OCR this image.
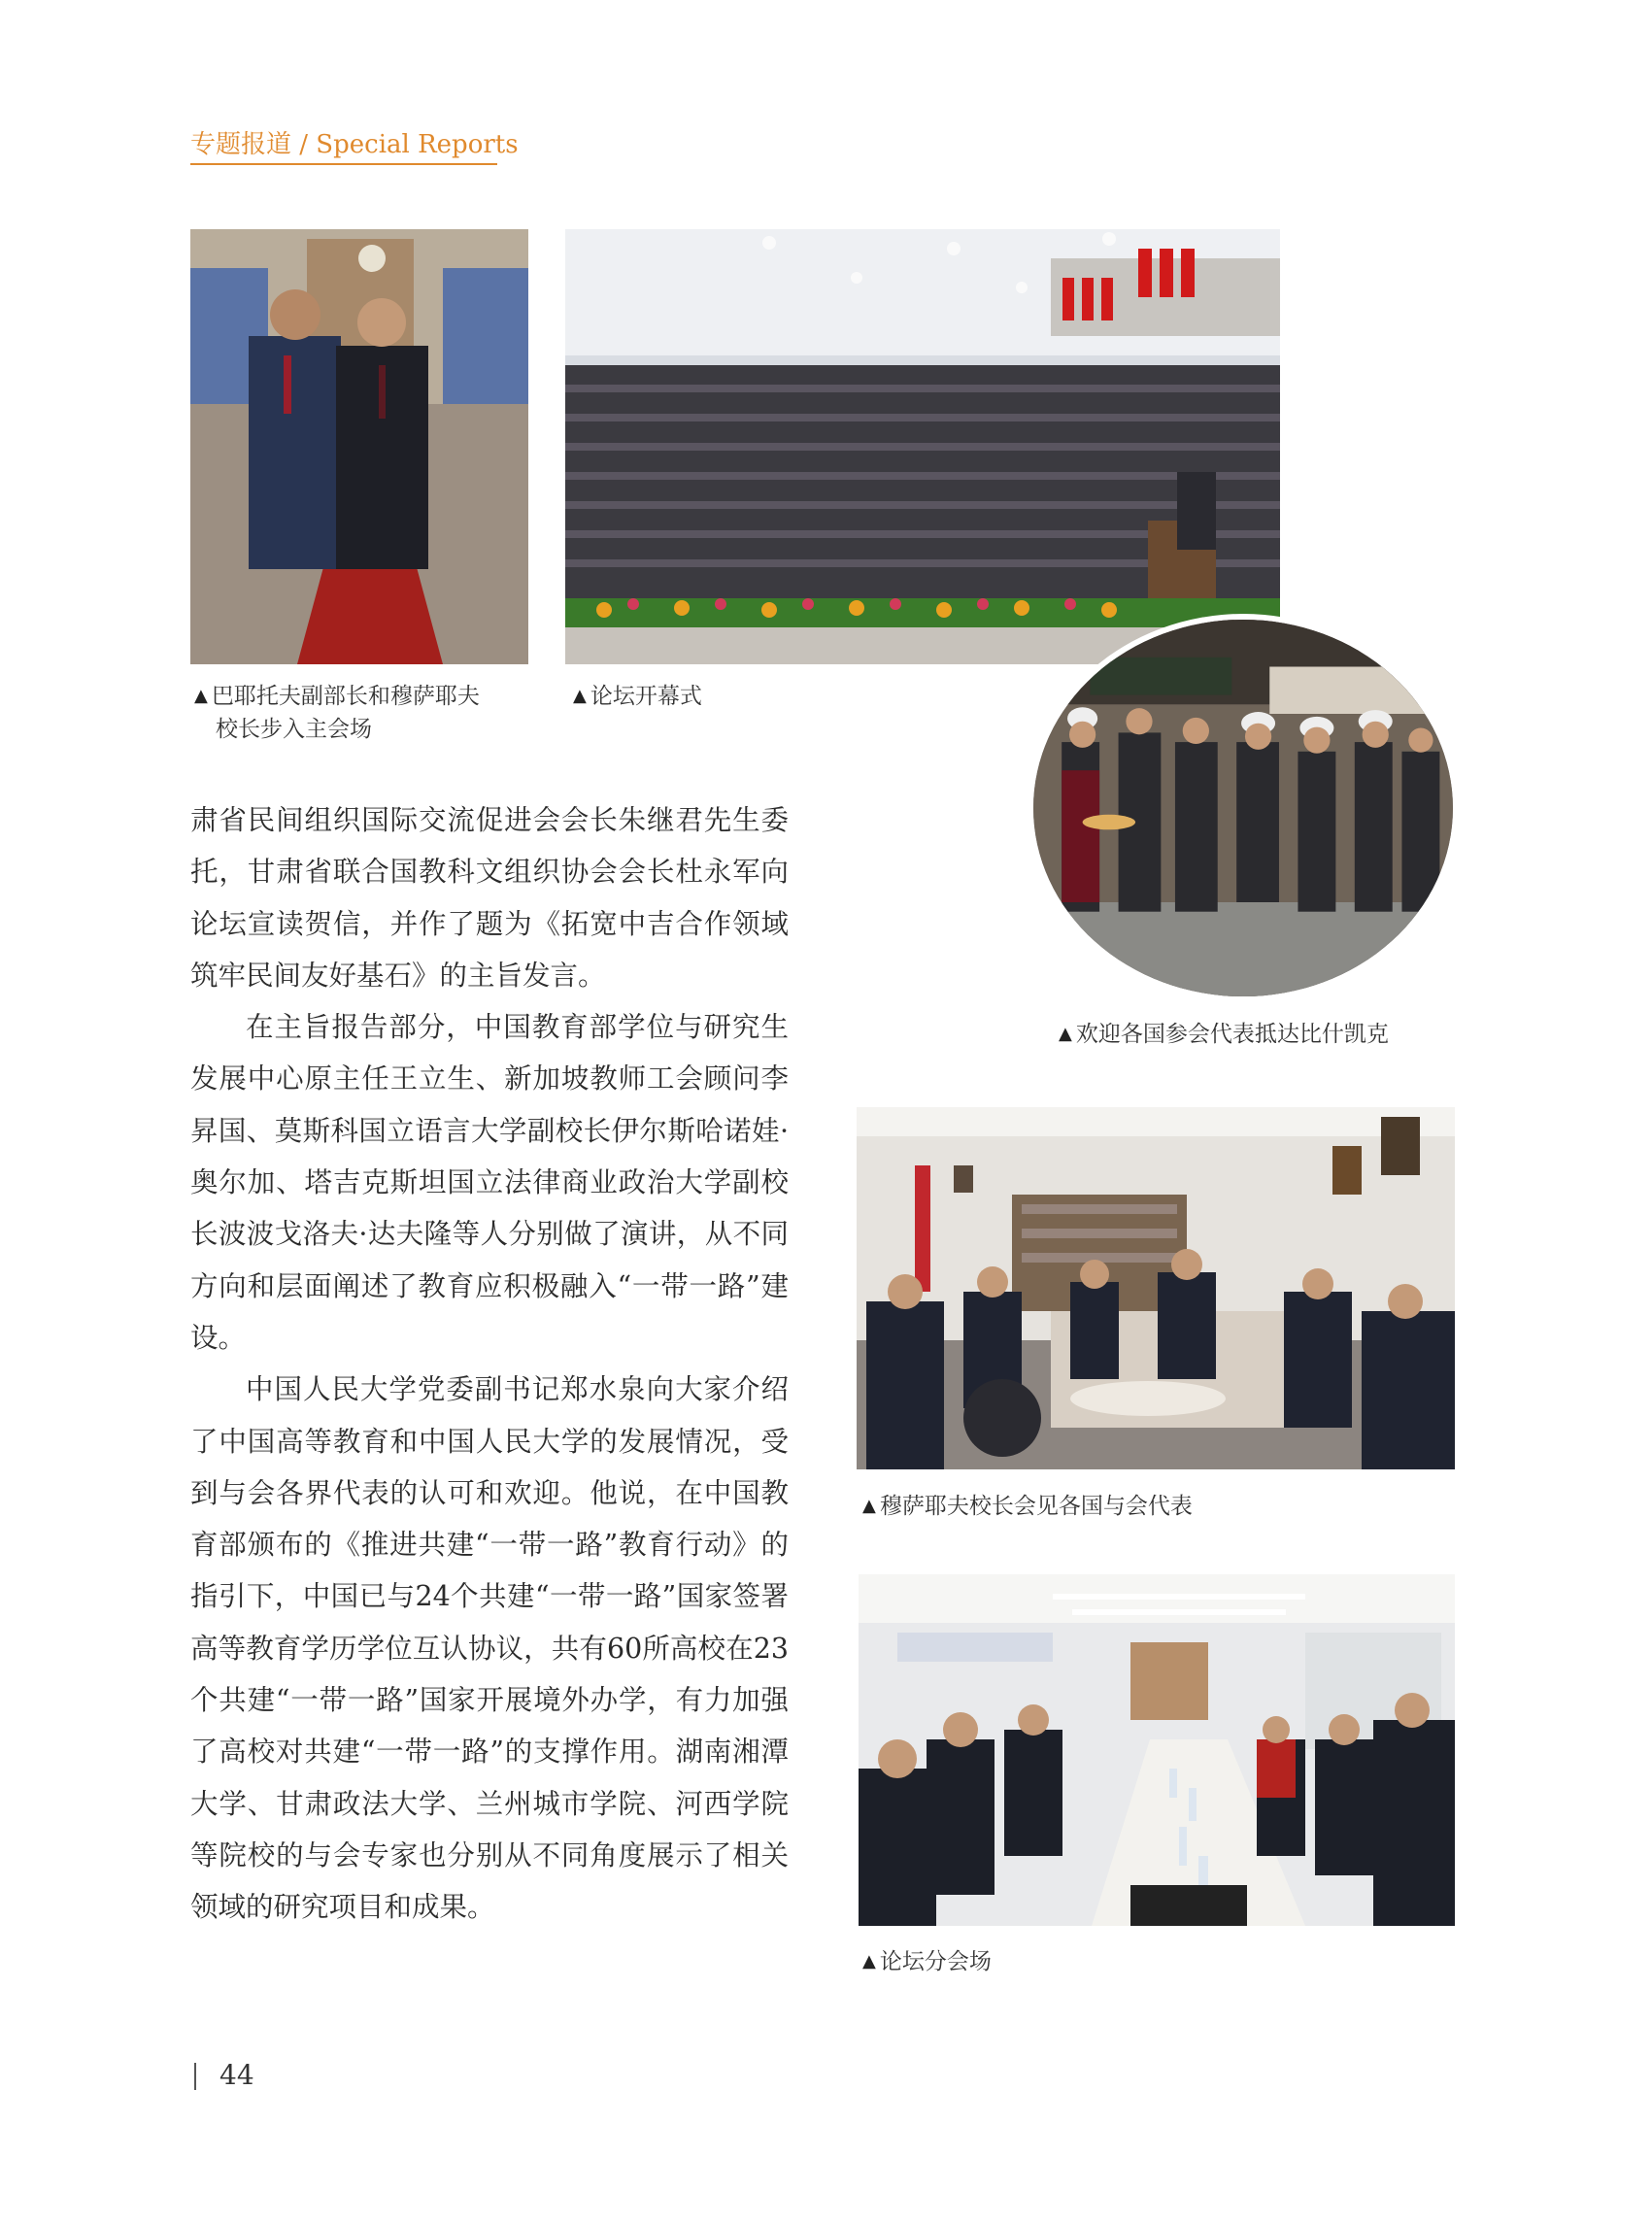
专题报道 / Special Reports
▲ 巴耶托夫副部长和穆萨耶夫
校长步入主会场
▲ 论坛开幕式
▲ 欢迎各国参会代表抵达比什凯克
▲ 穆萨耶夫校长会见各国与会代表
▲ 论坛分会场

肃省民间组织国际交流促进会会长朱继君先生委托，甘肃省联合国教科文组织协会会长杜永军向论坛宣读贺信，并作了题为《拓宽中吉合作领域 筑牢民间友好基石》的主旨发言。

在主旨报告部分，中国教育部学位与研究生发展中心原主任王立生、新加坡教师工会顾问李昇国、莫斯科国立语言大学副校长伊尔斯哈诺娃·奥尔加、塔吉克斯坦国立法律商业政治大学副校长波波戈洛夫·达夫隆等人分别做了演讲，从不同方向和层面阐述了教育应积极融入“一带一路”建设。

中国人民大学党委副书记郑水泉向大家介绍了中国高等教育和中国人民大学的发展情况，受到与会各界代表的认可和欢迎。他说，在中国教育部颁布的《推进共建“一带一路”教育行动》的指引下，中国已与24个共建“一带一路”国家签署高等教育学历学位互认协议，共有60所高校在23个共建“一带一路”国家开展境外办学，有力加强了高校对共建“一带一路”的支撑作用。湖南湘潭大学、甘肃政法大学、兰州城市学院、河西学院等院校的与会专家也分别从不同角度展示了相关领域的研究项目和成果。

44
